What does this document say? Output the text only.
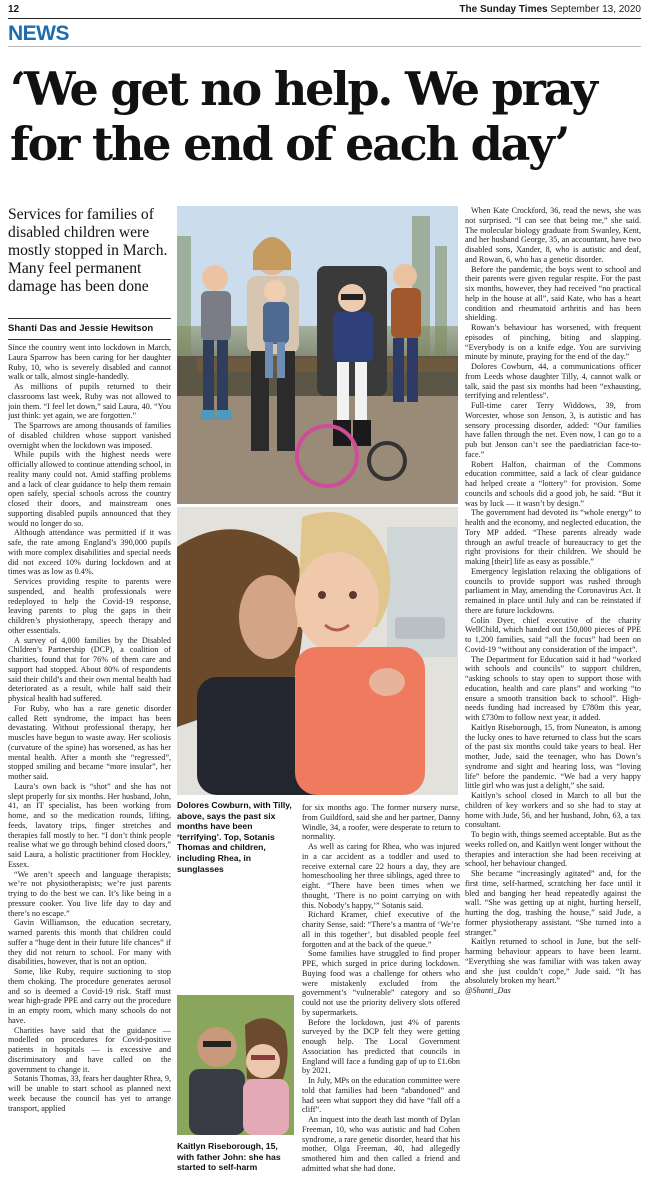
12	The Sunday Times September 13, 2020
NEWS
‘We get no help. We pray for the end of each day’
Services for families of disabled children were mostly stopped in March. Many feel permanent damage has been done
Shanti Das and Jessie Hewitson

Since the country went into lockdown in March, Laura Sparrow has been caring for her daughter Ruby, 10, who is severely disabled and cannot walk or talk, almost single-handedly.

As millions of pupils returned to their classrooms last week, Ruby was not allowed to join them. “I feel let down,” said Laura, 40. “You just think: yet again, we are forgotten.”

The Sparrows are among thousands of families of disabled children whose support vanished overnight when the lockdown was imposed.

While pupils with the highest needs were officially allowed to continue attending school, in reality many could not. Amid staffing problems and a lack of clear guidance to help them remain open safely, special schools across the country closed their doors, and mainstream ones supporting disabled pupils announced that they would no longer do so.

Although attendance was permitted if it was safe, the rate among England’s 390,000 pupils with more complex disabilities and special needs did not exceed 10% during lockdown and at times was as low as 0.4%.

Services providing respite to parents were suspended, and health professionals were redeployed to help the Covid-19 response, leaving parents to plug the gaps in their children’s physiotherapy, speech therapy and other essentials.

A survey of 4,000 families by the Disabled Children’s Partnership (DCP), a coalition of charities, found that for 76% of them care and support had stopped. About 80% of respondents said their child’s and their own mental health had deteriorated as a result, while half said their physical health had suffered.

For Ruby, who has a rare genetic disorder called Rett syndrome, the impact has been devastating. Without professional therapy, her muscles have begun to waste away. Her scoliosis (curvature of the spine) has worsened, as has her mental health. After a month she “regressed”, stopped smiling and became “more insular”, her mother said.

Laura’s own back is “shot” and she has not slept properly for six months. Her husband, John, 41, an IT specialist, has been working from home, and so the medication rounds, lifting, feeds, lavatory trips, finger stretches and therapies fall mostly to her. “I don’t think people realise what we go through behind closed doors,” said Laura, a holistic practitioner from Hockley, Essex.

“We aren’t speech and language therapists; we’re not physiotherapists; we’re just parents trying to do the best we can. It’s like being in a pressure cooker. You live life day to day and there’s no escape.”

Gavin Williamson, the education secretary, warned parents this month that children could suffer a “huge dent in their future life chances” if they did not return to school. For many with disabilities, however, that is not an option.

Some, like Ruby, require suctioning to stop them choking. The procedure generates aerosol and so is deemed a Covid-19 risk. Staff must wear high-grade PPE and carry out the procedure in an empty room, which many schools do not have.

Charities have said that the guidance — modelled on procedures for Covid-positive patients in hospitals — is excessive and discriminatory and have called on the government to change it.

Sotanis Thomas, 33, fears her daughter Rhea, 9, will be unable to start school as planned next week because the council has yet to arrange transport, applied

Dolores Cowburn, with Tilly, above, says the past six months have been ‘terrifying’. Top, Sotanis Thomas and children, including Rhea, in sunglasses

for six months ago. The former nursery nurse, from Guildford, said she and her partner, Danny Windle, 34, a roofer, were desperate to return to normality.

As well as caring for Rhea, who was injured in a car accident as a toddler and used to receive external care 22 hours a day, they are homeschooling her three siblings, aged three to eight. “There have been times when we thought, ‘There is no point carrying on with this. Nobody’s happy,’” Sotanis said.

Richard Kramer, chief executive of the charity Sense, said: “There’s a mantra of ‘We’re all in this together’, but disabled people feel forgotten and at the back of the queue.”

Some families have struggled to find proper PPE, which surged in price during lockdown. Buying food was a challenge for others who were mistakenly excluded from the government’s “vulnerable” category and so could not use the priority delivery slots offered by supermarkets.

Before the lockdown, just 4% of parents surveyed by the DCP felt they were getting enough help. The Local Government Association has predicted that councils in England will face a funding gap of up to £1.6bn by 2021.

In July, MPs on the education committee were told that families had been “abandoned” and had seen what support they did have “fall off a cliff”.

An inquest into the death last month of Dylan Freeman, 10, who was autistic and had Cohen syndrome, a rare genetic disorder, heard that his mother, Olga Freeman, 40, had allegedly smothered him and then called a friend and admitted what she had done.

Kaitlyn Riseborough, 15, with father John: she has started to self-harm

When Kate Crockford, 36, read the news, she was not surprised. “I can see that being me,” she said. The molecular biology graduate from Swanley, Kent, and her husband George, 35, an accountant, have two disabled sons, Xander, 8, who is autistic and deaf, and Rowan, 6, who has a genetic disorder.

Before the pandemic, the boys went to school and their parents were given regular respite. For the past six months, however, they had received “no practical help in the house at all”, said Kate, who has a heart condition and rheumatoid arthritis and has been shielding.

Rowan’s behaviour has worsened, with frequent episodes of pinching, biting and slapping. “Everybody is on a knife edge. You are surviving minute by minute, praying for the end of the day.”

Dolores Cowburn, 44, a communications officer from Leeds whose daughter Tilly, 4, cannot walk or talk, said the past six months had been “exhausting, terrifying and relentless”.

Full-time carer Terry Widdows, 39, from Worcester, whose son Jenson, 3, is autistic and has sensory processing disorder, added: “Our families have fallen through the net. Even now, I can go to a pub but Jenson can’t see the paediatrician face-to-face.”

Robert Halfon, chairman of the Commons education committee, said a lack of clear guidance had helped create a “lottery” for provision. Some councils and schools did a good job, he said. “But it was by luck — it wasn’t by design.”

The government had devoted its “whole energy” to health and the economy, and neglected education, the Tory MP added. “These parents already wade through an awful treacle of bureaucracy to get the right provisions for their children. We should be making [their] life as easy as possible.”

Emergency legislation relaxing the obligations of councils to provide support was rushed through parliament in May, amending the Coronavirus Act. It remained in place until July and can be reinstated if there are future lockdowns.

Colin Dyer, chief executive of the charity WellChild, which handed out 150,000 pieces of PPE to 1,200 families, said “all the focus” had been on Covid-19 “without any consideration of the impact”.

The Department for Education said it had “worked with schools and councils” to support children, “asking schools to stay open to support those with education, health and care plans” and working “to ensure a smooth transition back to school”. High-needs funding had increased by £780m this year, with £730m to follow next year, it added.

Kaitlyn Riseborough, 15, from Nuneaton, is among the lucky ones to have returned to class but the scars of the past six months could take years to heal. Her mother, Jude, said the teenager, who has Down’s syndrome and sight and hearing loss, was “loving life” before the pandemic. “We had a very happy little girl who was just a delight,” she said.

Kaitlyn’s school closed in March to all but the children of key workers and so she had to stay at home with Jude, 56, and her husband, John, 63, a tax consultant.

To begin with, things seemed acceptable. But as the weeks rolled on, and Kaitlyn went longer without the therapies and interaction she had been receiving at school, her behaviour changed.

She became “increasingly agitated” and, for the first time, self-harmed, scratching her face until it bled and banging her head repeatedly against the wall. “She was getting up at night, hurting herself, hurting the dog, trashing the house,” said Jude, a former physiotherapy assistant. “She turned into a stranger.”

Kaitlyn returned to school in June, but the self-harming behaviour appears to have been learnt. “Everything she was familiar with was taken away and she just couldn’t cope,” Jude said. “It has absolutely broken my heart.”

@Shanti_Das
